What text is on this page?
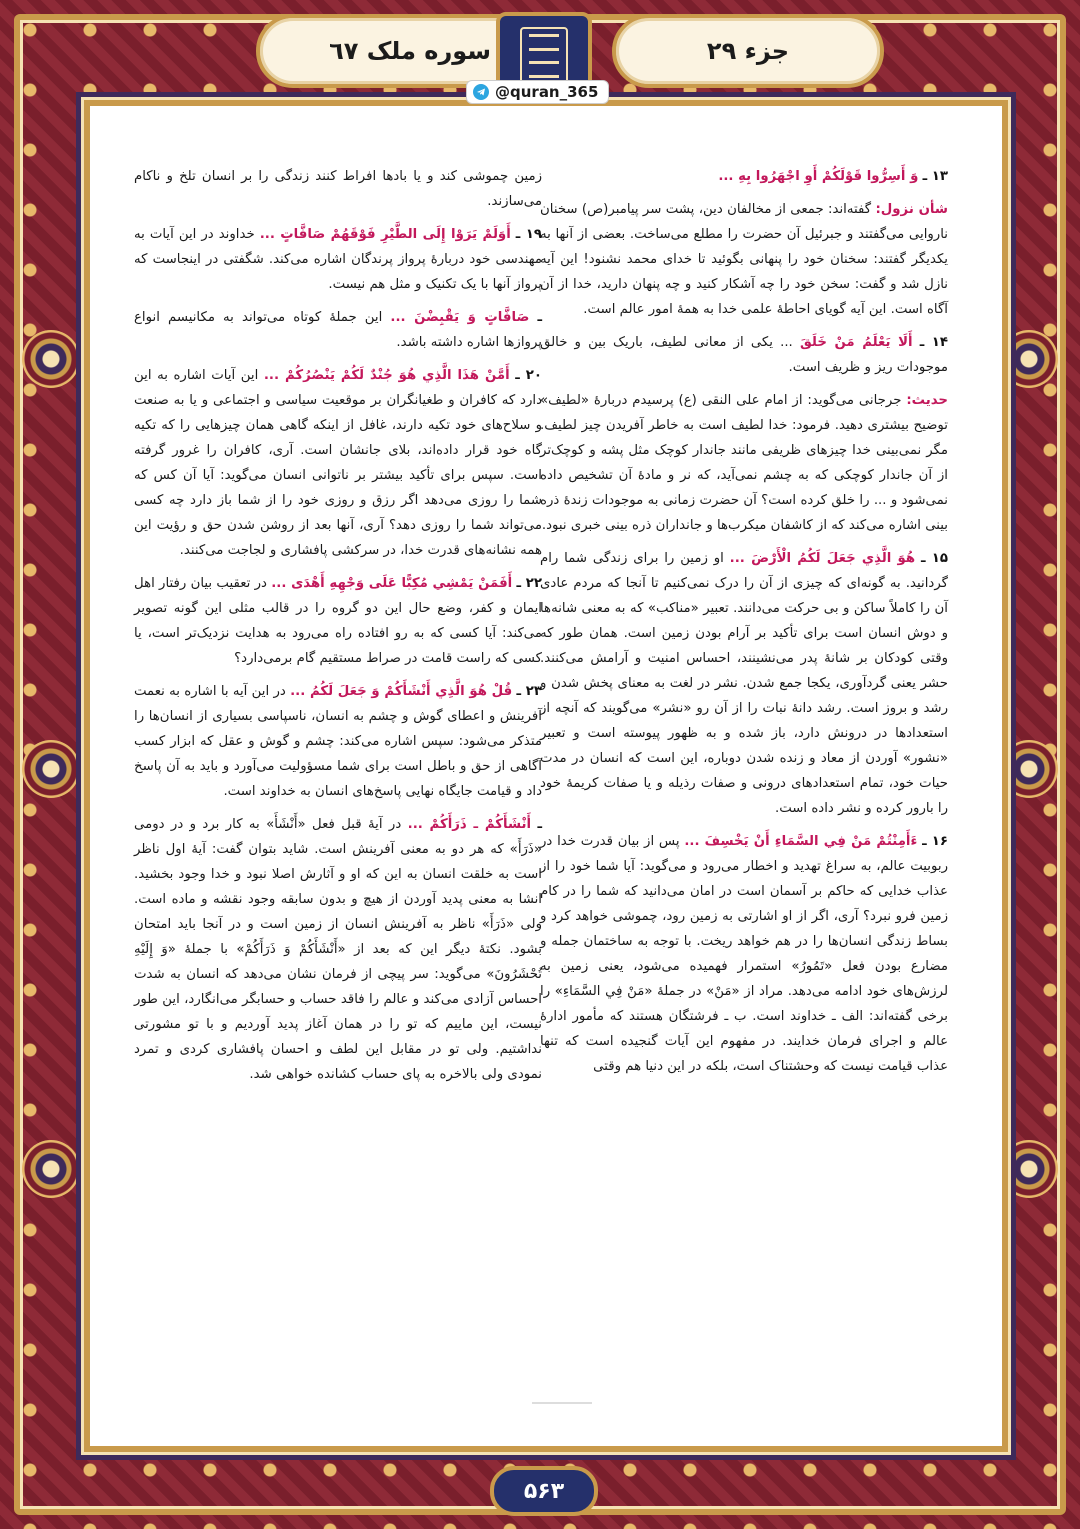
سوره ملک ٦٧	جزء ۲۹
@quran_365

۱۳ ـ وَ أَسِرُّوا قَوْلَكُمْ أَوِ اجْهَرُوا بِهِ ...

شأن نزول: گفته‌اند: جمعی از مخالفان دین، پشت سر پیامبر(ص) سخنان ناروایی می‌گفتند و جبرئیل آن حضرت را مطلع می‌ساخت. بعضی از آنها به یکدیگر گفتند: سخنان خود را پنهانی بگوئید تا خدای محمد نشنود! این آیه نازل شد و گفت: سخن خود را چه آشکار کنید و چه پنهان دارید، خدا از آن آگاه است. این آیه گویای احاطهٔ علمی خدا به همهٔ امور عالم است.

۱۴ ـ أَلَا يَعْلَمُ مَنْ خَلَقَ ... یکی از معانی لطیف، باریک بین و خالق موجودات ریز و ظریف است.

حدیث: جرجانی می‌گوید: از امام علی النقی (ع) پرسیدم دربارهٔ «لطیف» توضیح بیشتری دهید. فرمود: خدا لطیف است به خاطر آفریدن چیز لطیف. مگر نمی‌بینی خدا چیزهای ظریفی مانند جاندار کوچک مثل پشه و کوچک‌تر از آن جاندار کوچکی که به چشم نمی‌آید، که نر و مادهٔ آن تشخیص داده نمی‌شود و ... را خلق کرده است؟ آن حضرت زمانی به موجودات زندهٔ ذره بینی اشاره می‌کند که از کاشفان میکرب‌ها و جانداران ذره بینی خبری نبود.

۱۵ ـ هُوَ الَّذِي جَعَلَ لَكُمُ الْأَرْضَ ... او زمین را برای زندگی شما رام گردانید. به گونه‌ای که چیزی از آن را درک نمی‌کنیم تا آنجا که مردم عادی آن را کاملاً ساکن و بی حرکت می‌دانند. تعبیر «مناکب» که به معنی شانه‌ها و دوش انسان است برای تأکید بر آرام بودن زمین است. همان طور که وقتی کودکان بر شانهٔ پدر می‌نشینند، احساس امنیت و آرامش می‌کنند. حشر یعنی گردآوری، یکجا جمع شدن. نشر در لغت به معنای پخش شدن و رشد و بروز است. رشد دانهٔ نبات را از آن رو «نشر» می‌گویند که آنچه از استعدادها در درونش دارد، باز شده و به ظهور پیوسته است و تعبیر «نشور» آوردن از معاد و زنده شدن دوباره، این است که انسان در مدت حیات خود، تمام استعدادهای درونی و صفات رذیله و یا صفات کریمهٔ خود را بارور کرده و نشر داده است.

۱۶ ـ ءَأَمِنْتُمْ مَنْ فِي السَّمَاءِ أَنْ يَخْسِفَ ... پس از بیان قدرت خدا در ربوبیت عالم، به سراغ تهدید و اخطار می‌رود و می‌گوید: آیا شما خود را از عذاب خدایی که حاکم بر آسمان است در امان می‌دانید که شما را در کام زمین فرو نبرد؟ آری، اگر از او اشارتی به زمین رود، چموشی خواهد کرد و بساط زندگی انسان‌ها را در هم خواهد ریخت. با توجه به ساختمان جمله و مضارع بودن فعل «تَمُورُ» استمرار فهمیده می‌شود، یعنی زمین به لرزش‌های خود ادامه می‌دهد. مراد از «مَنْ» در جملهٔ «مَنْ فِي السَّمَاءِ» را برخی گفته‌اند: الف ـ خداوند است. ب ـ فرشتگان هستند که مأمور ادارهٔ عالم و اجرای فرمان خدایند. در مفهوم این آیات گنجیده است که تنها عذاب قیامت نیست که وحشتناک است، بلکه در این دنیا هم وقتی

زمین چموشی کند و یا بادها افراط کنند زندگی را بر انسان تلخ و ناکام می‌سازند.

۱۹ ـ أَوَلَمْ يَرَوْا إِلَى الطَّيْرِ فَوْقَهُمْ صَافَّاتٍ ... خداوند در این آیات به مهندسی خود دربارهٔ پرواز پرندگان اشاره می‌کند. شگفتی در اینجاست که پرواز آنها با یک تکنیک و مثل هم نیست.

ـ صَافَّاتٍ وَ يَقْبِضْنَ ... این جملهٔ کوتاه می‌تواند به مکانیسم انواع پروازها اشاره داشته باشد.

۲۰ ـ أَمَّنْ هَذَا الَّذِي هُوَ جُنْدٌ لَكُمْ يَنْصُرُكُمْ ... این آیات اشاره به این دارد که کافران و طغیانگران بر موقعیت سیاسی و اجتماعی و یا به صنعت و سلاح‌های خود تکیه دارند، غافل از اینکه گاهی همان چیزهایی را که تکیه گاه خود قرار داده‌اند، بلای جانشان است. آری، کافران را غرور گرفته است. سپس برای تأکید بیشتر بر ناتوانی انسان می‌گوید: آیا آن کس که شما را روزی می‌دهد اگر رزق و روزی خود را از شما باز دارد چه کسی می‌تواند شما را روزی دهد؟ آری، آنها بعد از روشن شدن حق و رؤیت این همه نشانه‌های قدرت خدا، در سرکشی پافشاری و لجاجت می‌کنند.

۲۲ ـ أَفَمَنْ يَمْشِي مُكِبًّا عَلَى وَجْهِهِ أَهْدَى ... در تعقیب بیان رفتار اهل ایمان و کفر، وضع حال این دو گروه را در قالب مثلی این گونه تصویر می‌کند: آیا کسی که به رو افتاده راه می‌رود به هدایت نزدیک‌تر است، یا کسی که راست قامت در صراط مستقیم گام برمی‌دارد؟

۲۳ ـ قُلْ هُوَ الَّذِي أَنْشَأَكُمْ وَ جَعَلَ لَكُمُ ... در این آیه با اشاره به نعمت آفرینش و اعطای گوش و چشم به انسان، ناسپاسی بسیاری از انسان‌ها را متذکر می‌شود: سپس اشاره می‌کند: چشم و گوش و عقل که ابزار کسب آگاهی از حق و باطل است برای شما مسؤولیت می‌آورد و باید به آن پاسخ داد و قیامت جایگاه نهایی پاسخ‌های انسان به خداوند است.

ـ أَنْشَأَكُمْ ـ ذَرَأَكُمْ ... در آیهٔ قبل فعل «أَنْشَأَ» به کار برد و در دومی «ذَرَأَ» که هر دو به معنی آفرینش است. شاید بتوان گفت: آیهٔ اول ناظر است به خلقت انسان به این که او و آثارش اصلا نبود و خدا وجود بخشید. انشا به معنی پدید آوردن از هیچ و بدون سابقه وجود نقشه و ماده است. ولی «ذَرَأَ» ناظر به آفرینش انسان از زمین است و در آنجا باید امتحان بشود. نکتهٔ دیگر این که بعد از «أَنْشَأَكُمْ وَ ذَرَأَكُمْ» با جملهٔ «وَ إِلَيْهِ تُحْشَرُونَ» می‌گوید: سر پیچی از فرمان نشان می‌دهد که انسان به شدت احساس آزادی می‌کند و عالم را فاقد حساب و حسابگر می‌انگارد، این طور نیست، این ماییم که تو را در همان آغاز پدید آوردیم و با تو مشورتی نداشتیم. ولی تو در مقابل این لطف و احسان پافشاری کردی و تمرد نمودی ولی بالاخره به پای حساب کشانده خواهی شد.

۵۶۳
